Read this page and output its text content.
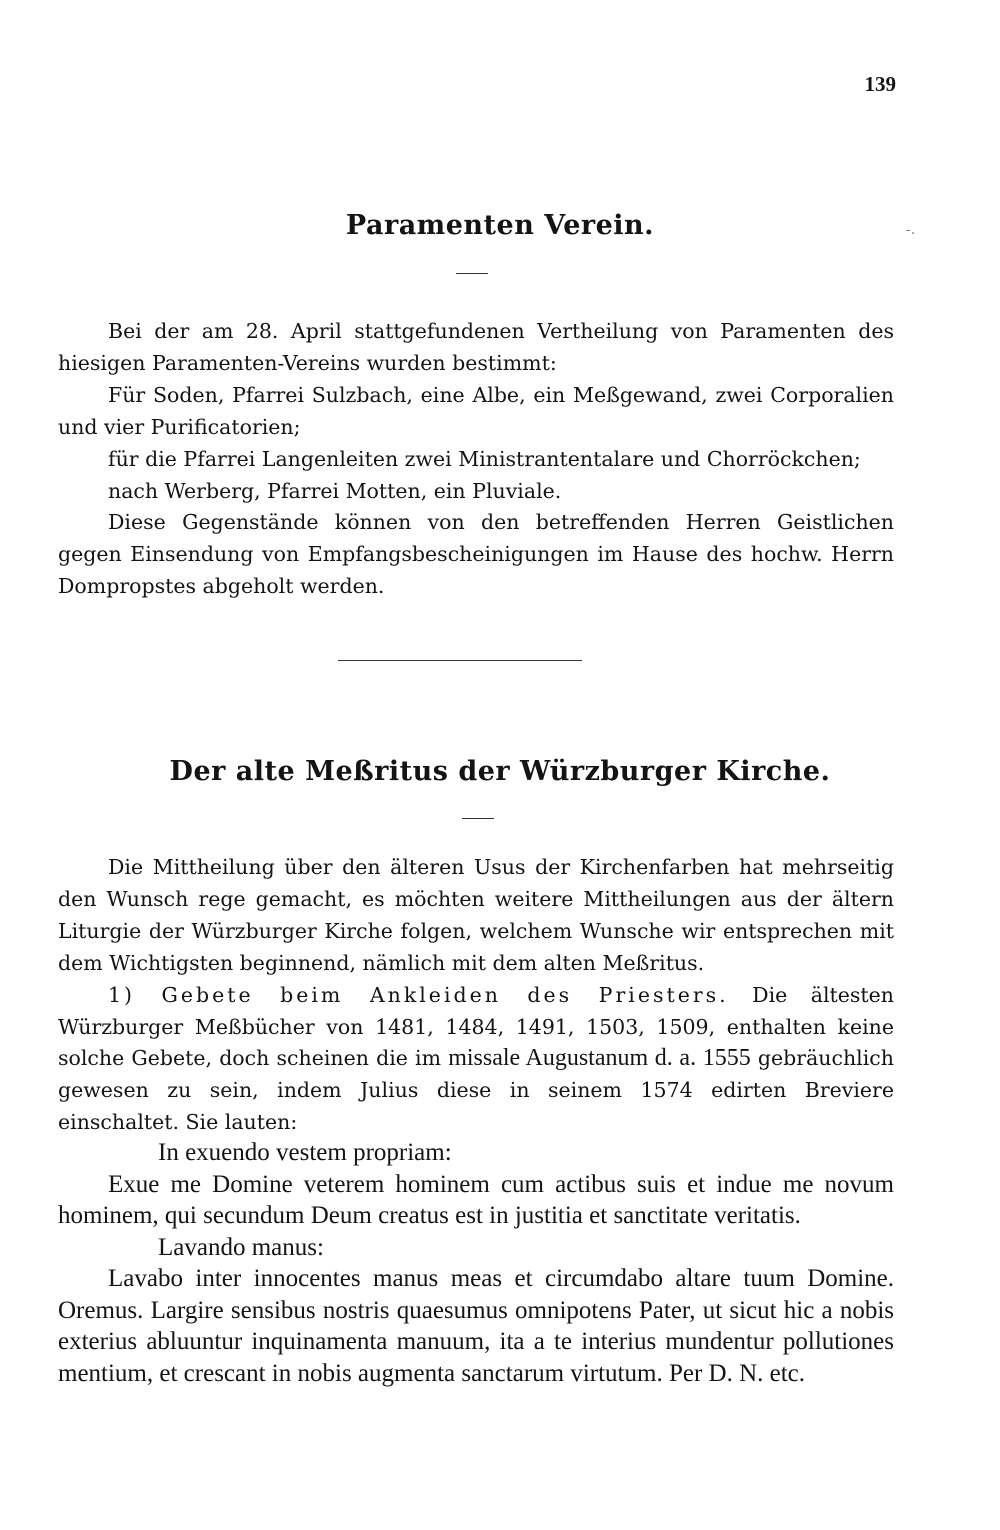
139
-.
Paramenten Verein.

Bei der am 28. April stattgefundenen Vertheilung von Paramenten des hiesigen Paramenten-Vereins wurden bestimmt:

Für Soden, Pfarrei Sulzbach, eine Albe, ein Meßgewand, zwei Corporalien und vier Purificatorien;

für die Pfarrei Langenleiten zwei Ministrantentalare und Chorröckchen;

nach Werberg, Pfarrei Motten, ein Pluviale.

Diese Gegenstände können von den betreffenden Herren Geistlichen gegen Einsendung von Empfangsbescheinigungen im Hause des hochw. Herrn Dompropstes abgeholt werden.

Der alte Meßritus der Würzburger Kirche.

Die Mittheilung über den älteren Usus der Kirchenfarben hat mehrseitig den Wunsch rege gemacht, es möchten weitere Mittheilungen aus der ältern Liturgie der Würzburger Kirche folgen, welchem Wunsche wir entsprechen mit dem Wichtigsten beginnend, nämlich mit dem alten Meßritus.

1) Gebete beim Ankleiden des Priesters. Die ältesten Würzburger Meßbücher von 1481, 1484, 1491, 1503, 1509, enthalten keine solche Gebete, doch scheinen die im missale Augustanum d. a. 1555 gebräuchlich gewesen zu sein, indem Julius diese in seinem 1574 edirten Breviere einschaltet. Sie lauten:

In exuendo vestem propriam:

Exue me Domine veterem hominem cum actibus suis et indue me novum hominem, qui secundum Deum creatus est in justitia et sanctitate veritatis.

Lavando manus:

Lavabo inter innocentes manus meas et circumdabo altare tuum Domine. Oremus. Largire sensibus nostris quaesumus omnipotens Pater, ut sicut hic a nobis exterius abluuntur inquinamenta manuum, ita a te interius mundentur pollutiones mentium, et crescant in nobis augmenta sanctarum virtutum. Per D. N. etc.
